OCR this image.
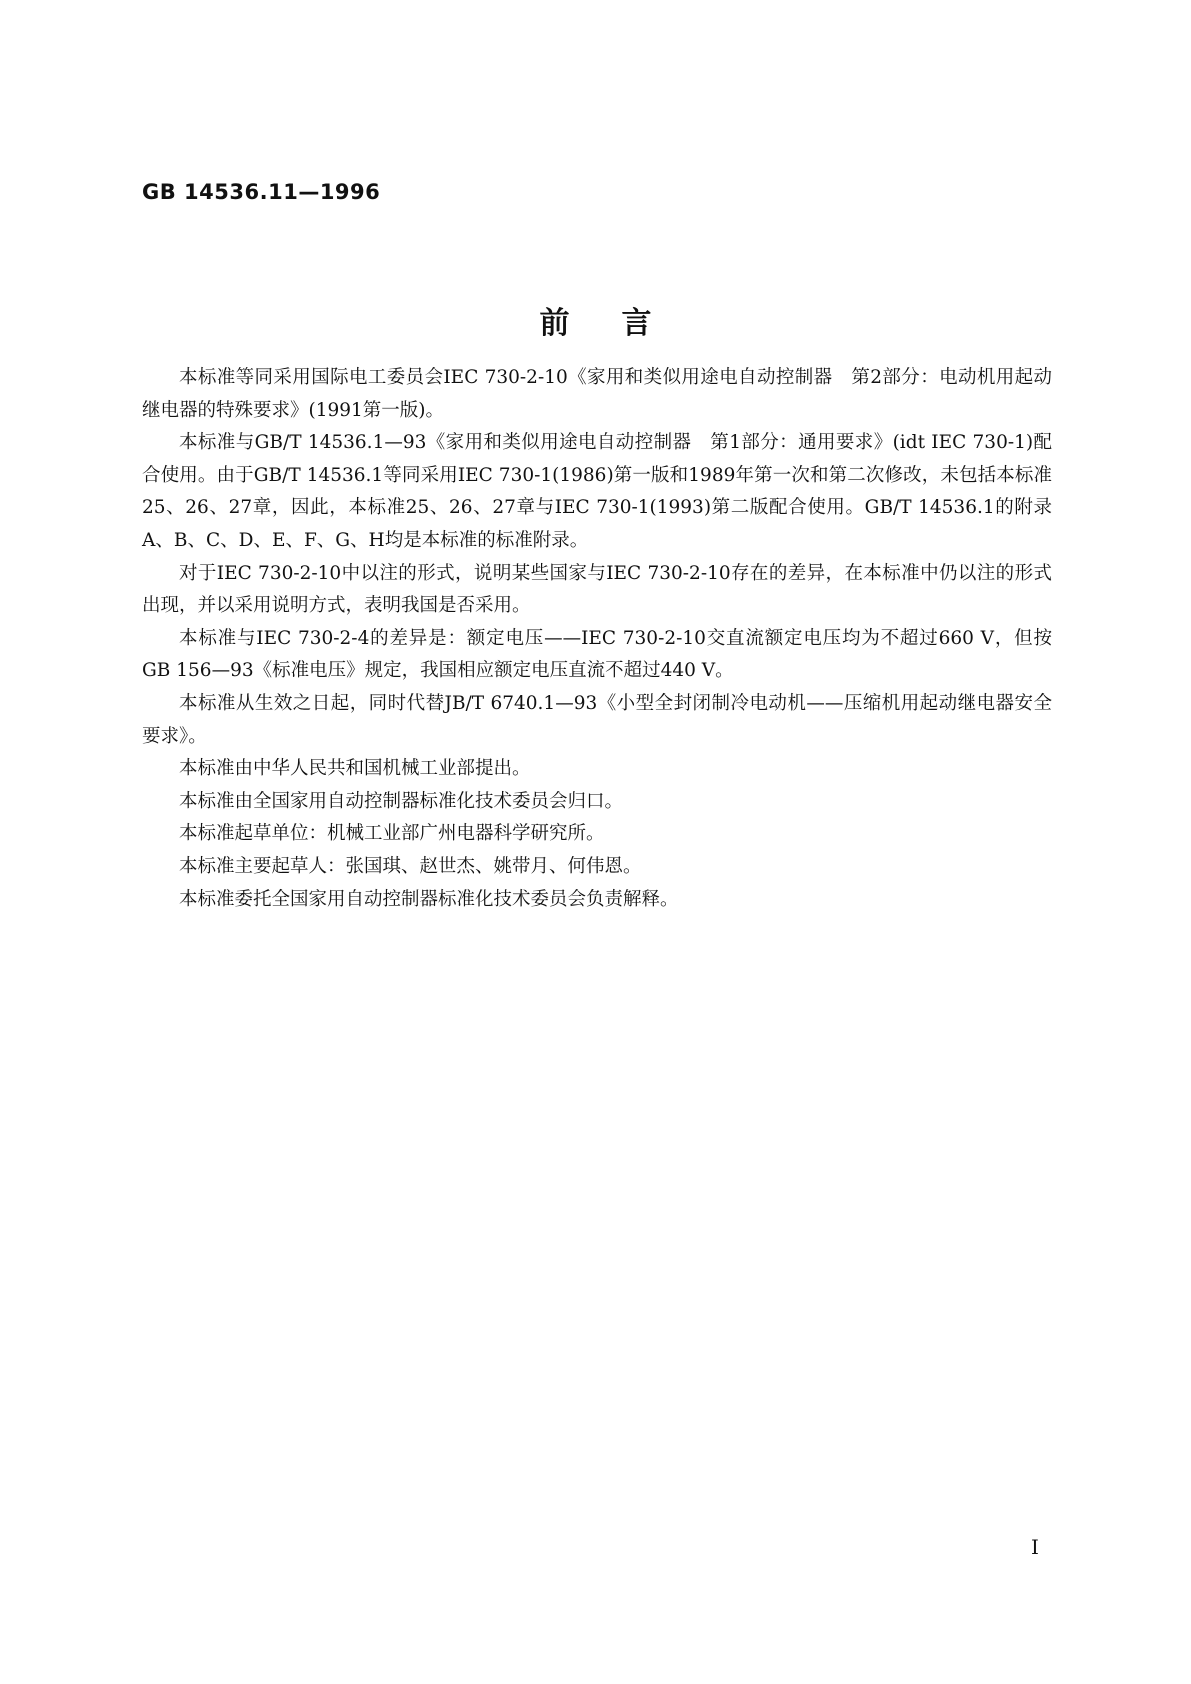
GB 14536.11—1996
前言

本标准等同采用国际电工委员会IEC 730-2-10《家用和类似用途电自动控制器　第2部分：电动机用起动继电器的特殊要求》(1991第一版)。

本标准与GB/T 14536.1—93《家用和类似用途电自动控制器　第1部分：通用要求》(idt IEC 730-1)配合使用。由于GB/T 14536.1等同采用IEC 730-1(1986)第一版和1989年第一次和第二次修改，未包括本标准25、26、27章，因此，本标准25、26、27章与IEC 730-1(1993)第二版配合使用。GB/T 14536.1的附录A、B、C、D、E、F、G、H均是本标准的标准附录。

对于IEC 730-2-10中以注的形式，说明某些国家与IEC 730-2-10存在的差异，在本标准中仍以注的形式出现，并以采用说明方式，表明我国是否采用。

本标准与IEC 730-2-4的差异是：额定电压——IEC 730-2-10交直流额定电压均为不超过660 V，但按GB 156—93《标准电压》规定，我国相应额定电压直流不超过440 V。

本标准从生效之日起，同时代替JB/T 6740.1—93《小型全封闭制冷电动机——压缩机用起动继电器安全要求》。

本标准由中华人民共和国机械工业部提出。

本标准由全国家用自动控制器标准化技术委员会归口。

本标准起草单位：机械工业部广州电器科学研究所。

本标准主要起草人：张国琪、赵世杰、姚带月、何伟恩。

本标准委托全国家用自动控制器标准化技术委员会负责解释。

I
